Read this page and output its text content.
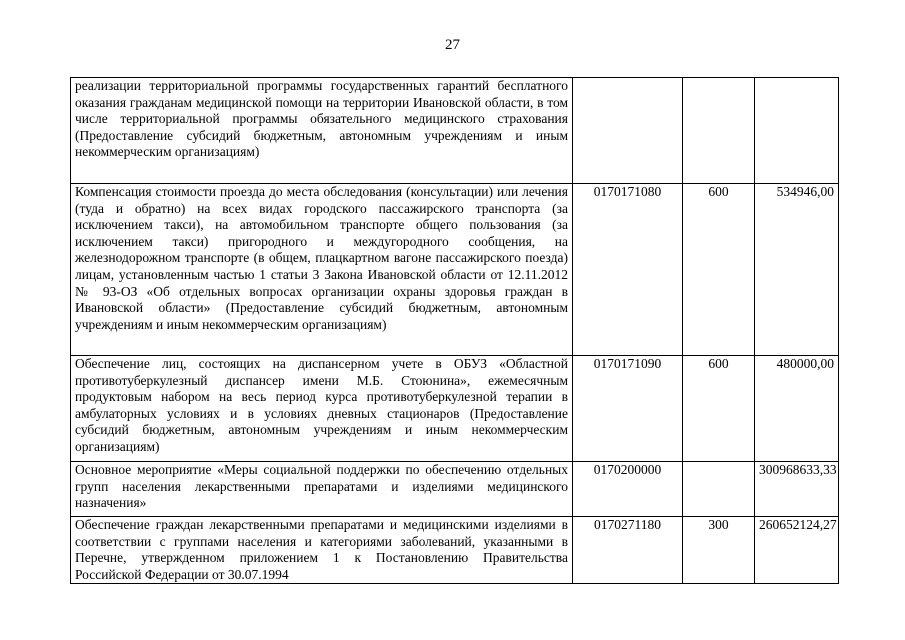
27
реализации территориальной программы государственных гарантий бесплатного оказания гражданам медицинской помощи на территории Ивановской области, в том числе территориальной программы обязательного медицинского страхования (Предоставление субсидий бюджетным, автономным учреждениям и иным некоммерческим организациям)			
Компенсация стоимости проезда до места обследования (консультации) или лечения (туда и обратно) на всех видах городского пассажирского транспорта (за исключением такси), на автомобильном транспорте общего пользования (за исключением такси) пригородного и междугородного сообщения, на железнодорожном транспорте (в общем, плацкартном вагоне пассажирского поезда) лицам, установленным частью 1 статьи 3 Закона Ивановской области от 12.11.2012 № 93-ОЗ «Об отдельных вопросах организации охраны здоровья граждан в Ивановской области» (Предоставление субсидий бюджетным, автономным учреждениям и иным некоммерческим организациям)	0170171080	600	534946,00
Обеспечение лиц, состоящих на диспансерном учете в ОБУЗ «Областной противотуберкулезный диспансер имени М.Б. Стоюнина», ежемесячным продуктовым набором на весь период курса противотуберкулезной терапии в амбулаторных условиях и в условиях дневных стационаров (Предоставление субсидий бюджетным, автономным учреждениям и иным некоммерческим организациям)	0170171090	600	480000,00
Основное мероприятие «Меры социальной поддержки по обеспечению отдельных групп населения лекарственными препаратами и изделиями медицинского назначения»	0170200000		300968633,33
Обеспечение граждан лекарственными препаратами и медицинскими изделиями в соответствии с группами населения и категориями заболеваний, указанными в Перечне, утвержденном приложением 1 к Постановлению Правительства Российской Федерации от 30.07.1994	0170271180	300	260652124,27
